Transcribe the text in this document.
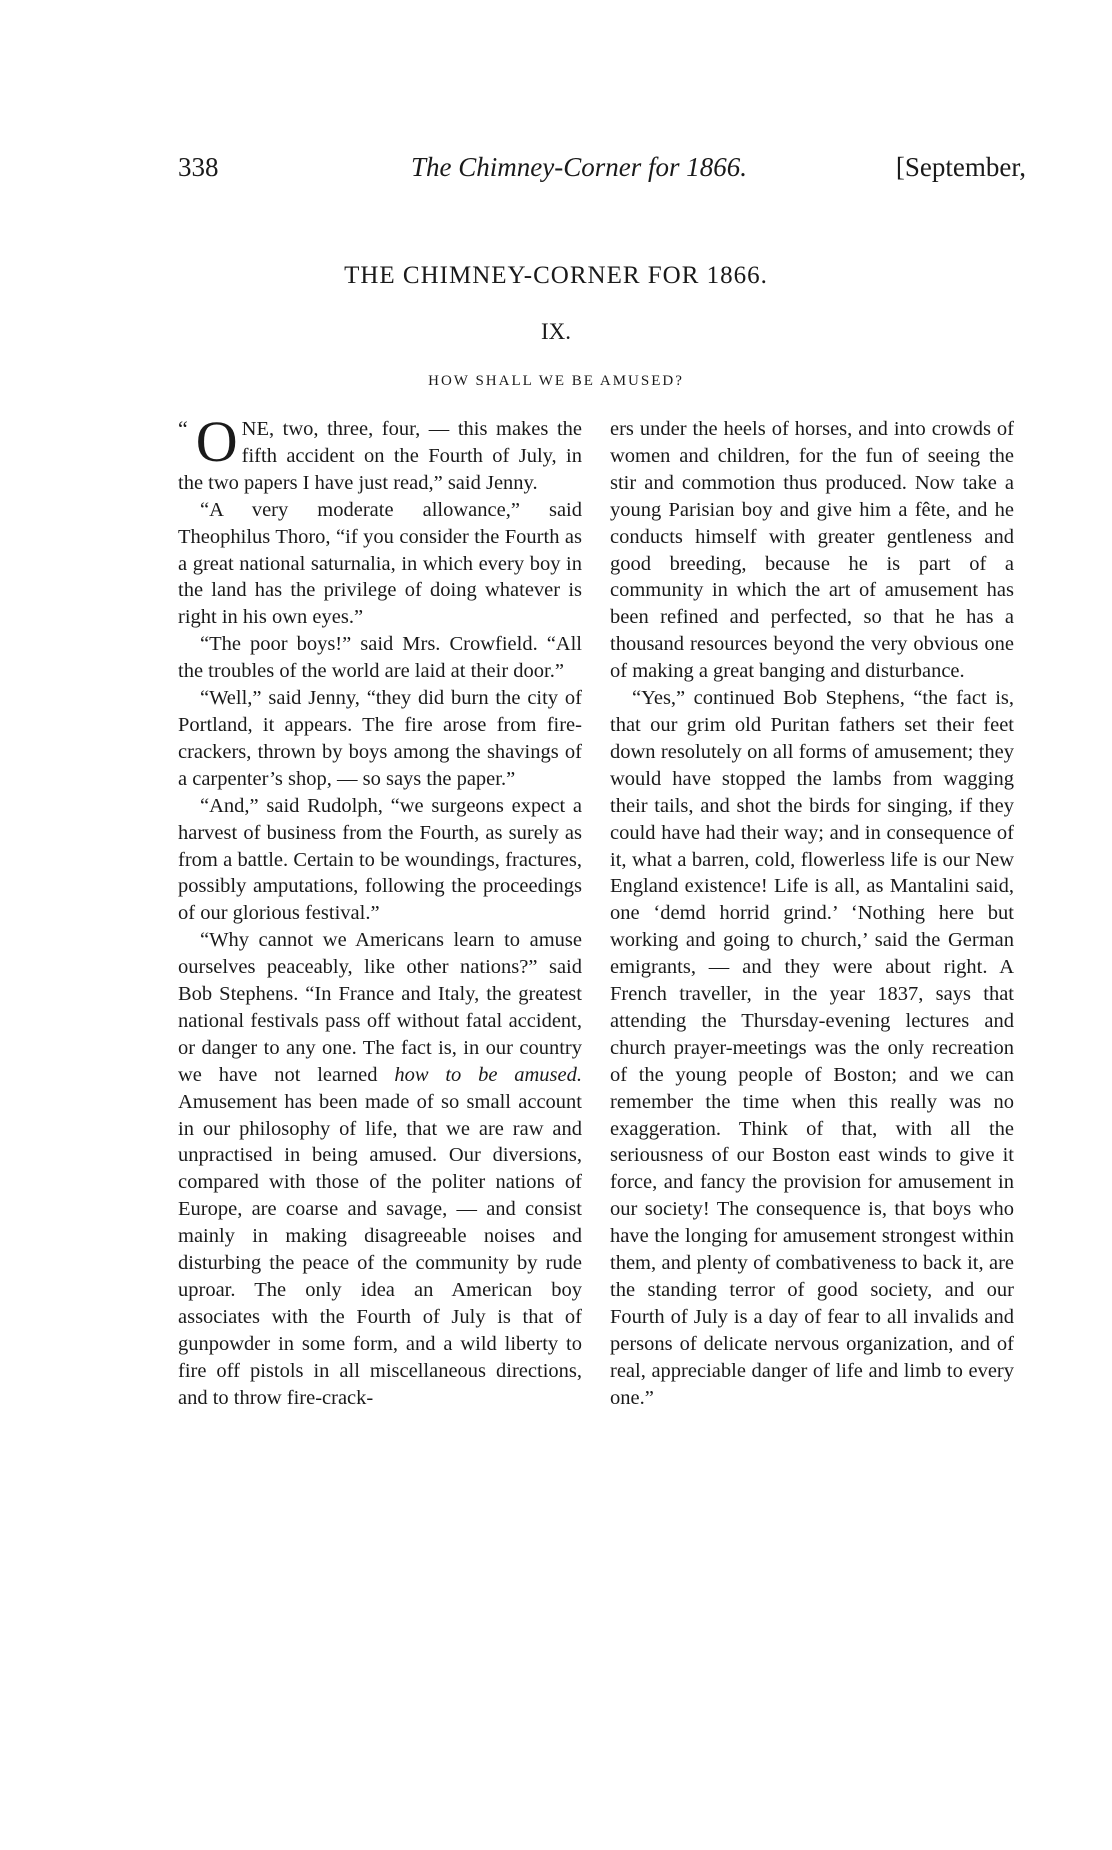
338	The Chimney-Corner for 1866.	[September,
THE CHIMNEY-CORNER FOR 1866.
IX.
HOW SHALL WE BE AMUSED?

“ O NE, two, three, four, — this makes the fifth accident on the Fourth of July, in the two papers I have just read,” said Jenny.

“A very moderate allowance,” said Theophilus Thoro, “if you consider the Fourth as a great national saturnalia, in which every boy in the land has the privilege of doing whatever is right in his own eyes.”

“The poor boys!” said Mrs. Crowfield. “All the troubles of the world are laid at their door.”

“Well,” said Jenny, “they did burn the city of Portland, it appears. The fire arose from fire-crackers, thrown by boys among the shavings of a carpenter’s shop, — so says the paper.”

“And,” said Rudolph, “we surgeons expect a harvest of business from the Fourth, as surely as from a battle. Certain to be woundings, fractures, possibly amputations, following the proceedings of our glorious festival.”

“Why cannot we Americans learn to amuse ourselves peaceably, like other nations?” said Bob Stephens. “In France and Italy, the greatest national festivals pass off without fatal accident, or danger to any one. The fact is, in our country we have not learned how to be amused. Amusement has been made of so small account in our philosophy of life, that we are raw and unpractised in being amused. Our diversions, compared with those of the politer nations of Europe, are coarse and savage, — and consist mainly in making disagreeable noises and disturbing the peace of the community by rude uproar. The only idea an American boy associates with the Fourth of July is that of gunpowder in some form, and a wild liberty to fire off pistols in all miscellaneous directions, and to throw fire-crack-

ers under the heels of horses, and into crowds of women and children, for the fun of seeing the stir and commotion thus produced. Now take a young Parisian boy and give him a fête, and he conducts himself with greater gentleness and good breeding, because he is part of a community in which the art of amusement has been refined and perfected, so that he has a thousand resources beyond the very obvious one of making a great banging and disturbance.

“Yes,” continued Bob Stephens, “the fact is, that our grim old Puritan fathers set their feet down resolutely on all forms of amusement; they would have stopped the lambs from wagging their tails, and shot the birds for singing, if they could have had their way; and in consequence of it, what a barren, cold, flowerless life is our New England existence! Life is all, as Mantalini said, one ‘demd horrid grind.’ ‘Nothing here but working and going to church,’ said the German emigrants, — and they were about right. A French traveller, in the year 1837, says that attending the Thursday-evening lectures and church prayer-meetings was the only recreation of the young people of Boston; and we can remember the time when this really was no exaggeration. Think of that, with all the seriousness of our Boston east winds to give it force, and fancy the provision for amusement in our society! The consequence is, that boys who have the longing for amusement strongest within them, and plenty of combativeness to back it, are the standing terror of good society, and our Fourth of July is a day of fear to all invalids and persons of delicate nervous organization, and of real, appreciable danger of life and limb to every one.”
